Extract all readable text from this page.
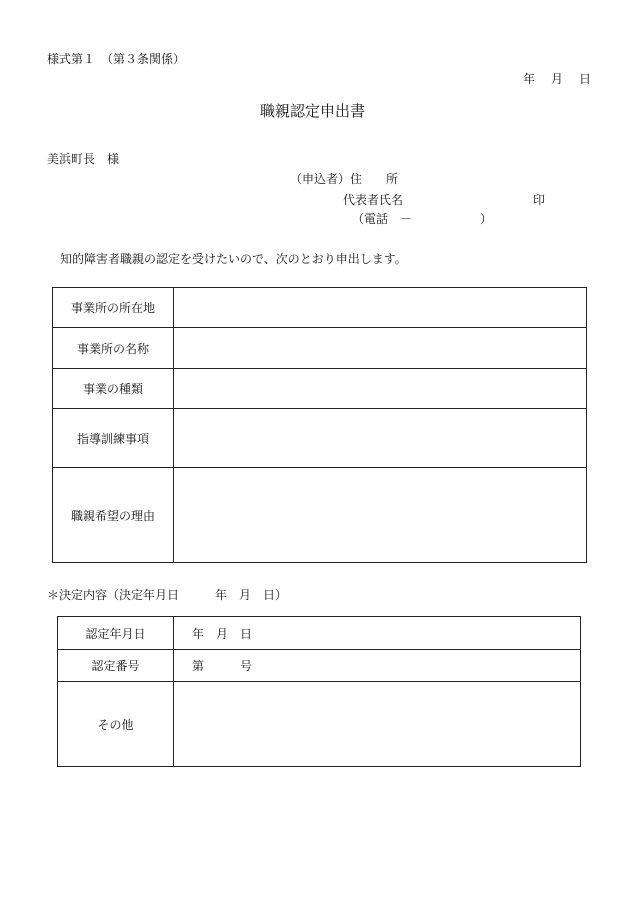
様式第１　（第３条関係）
年　月　日
職親認定申出書
美浜町長　様
（申込者）住　　所
代表者氏名	印
（電話　－	）
知的障害者職親の認定を受けたいので、次のとおり申出します。
事業所の所在地	
事業所の名称	
事業の種類	
指導訓練事項	
職親希望の理由	
＊決定内容（決定年月日　　　年　月　日）
認定年月日	年　月　日
認定番号	第　　　号
その他	
